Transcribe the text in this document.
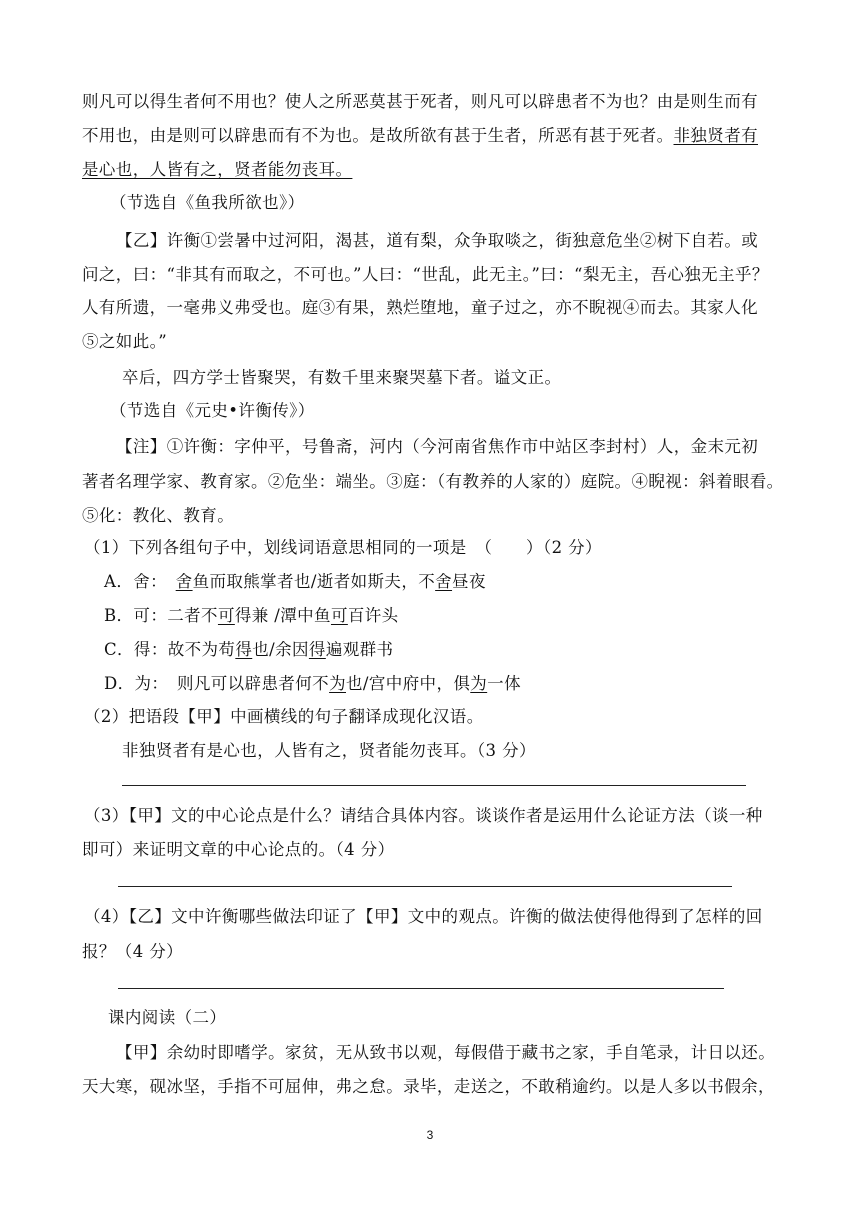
则凡可以得生者何不用也？使人之所恶莫甚于死者，则凡可以辟患者不为也？由是则生而有
不用也，由是则可以辟患而有不为也。是故所欲有甚于生者，所恶有甚于死者。非独贤者有
是心也，人皆有之，贤者能勿丧耳。
（节选自《鱼我所欲也》）
【乙】许衡①尝暑中过河阳，渴甚，道有梨，众争取啖之，街独意危坐②树下自若。或
问之，曰：“非其有而取之，不可也。”人曰：“世乱，此无主。”曰：“梨无主，吾心独无主乎？
人有所遗，一毫弗义弗受也。庭③有果，熟烂堕地，童子过之，亦不睨视④而去。其家人化
⑤之如此。”
卒后，四方学士皆聚哭，有数千里来聚哭墓下者。谥文正。
（节选自《元史•许衡传》）
【注】①许衡：字仲平，号鲁斋，河内（今河南省焦作市中站区李封村）人，金末元初
著者名理学家、教育家。②危坐：端坐。③庭：（有教养的人家的）庭院。④睨视：斜着眼看。
⑤化：教化、教育。
（1）下列各组句子中，划线词语意思相同的一项是　（　　）（2 分）
A．舍：　舍鱼而取熊掌者也/逝者如斯夫，不舍昼夜
B．可：二者不可得兼 /潭中鱼可百许头
C．得：故不为苟得也/余因得遍观群书
D．为：　则凡可以辟患者何不为也/宫中府中，俱为一体
（2）把语段【甲】中画横线的句子翻译成现化汉语。
非独贤者有是心也，人皆有之，贤者能勿丧耳。（3 分）
（3）【甲】文的中心论点是什么？请结合具体内容。谈谈作者是运用什么论证方法（谈一种
即可）来证明文章的中心论点的。（4 分）
（4）【乙】文中许衡哪些做法印证了【甲】文中的观点。许衡的做法使得他得到了怎样的回
报？（4 分）
课内阅读（二）
【甲】余幼时即嗜学。家贫，无从致书以观，每假借于藏书之家，手自笔录，计日以还。
天大寒，砚冰坚，手指不可屈伸，弗之怠。录毕，走送之，不敢稍逾约。以是人多以书假余，
3
